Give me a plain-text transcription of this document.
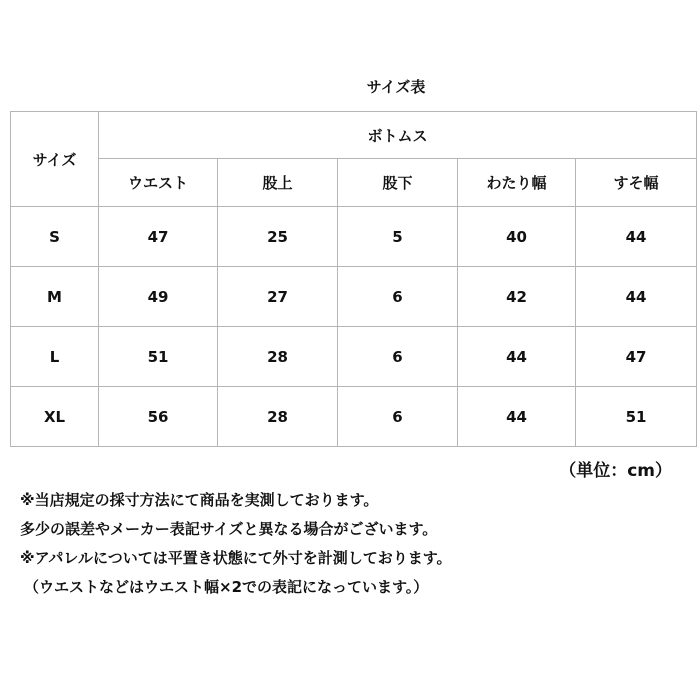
サイズ表
サイズ	ボトムス				
	ウエスト	股上	股下	わたり幅	すそ幅
S	47	25	5	40	44
M	49	27	6	42	44
L	51	28	6	44	47
XL	56	28	6	44	51
（単位：cm）
※当店規定の採寸方法にて商品を実測しております。
多少の誤差やメーカー表記サイズと異なる場合がございます。
※アパレルについては平置き状態にて外寸を計測しております。
（ウエストなどはウエスト幅×2での表記になっています。）
